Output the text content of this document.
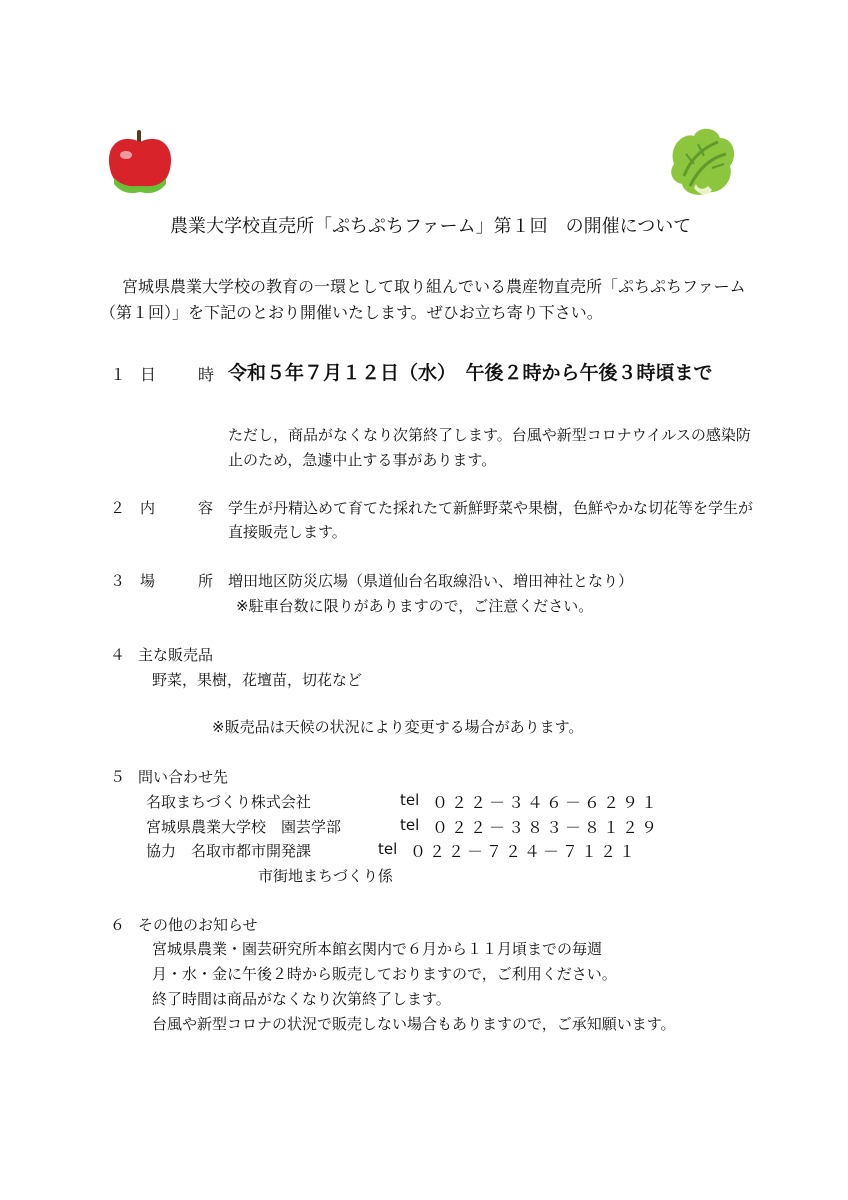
農業大学校直売所「ぷちぷちファーム」第１回　の開催について
宮城県農業大学校の教育の一環として取り組んでいる農産物直売所「ぷちぷちファーム
（第１回）」を下記のとおり開催いたします。ぜひお立ち寄り下さい。
１ 日	時 令和５年７月１２日（水）　午後２時から午後３時頃まで
ただし，商品がなくなり次第終了します。台風や新型コロナウイルスの感染防
止のため，急遽中止する事があります。
２ 内	容 学生が丹精込めて育てた採れたて新鮮野菜や果樹，色鮮やかな切花等を学生が
直接販売します。
３ 場	所 増田地区防災広場（県道仙台名取線沿い、増田神社となり）
※駐車台数に限りがありますので，ご注意ください。
４ 主な販売品
野菜，果樹，花壇苗，切花など
※販売品は天候の状況により変更する場合があります。
５ 問い合わせ先
名取まちづくり株式会社	tel ０２２－３４６－６２９１
宮城県農業大学校　園芸学部	tel ０２２－３８３－８１２９
協力　名取市都市開発課	tel ０２２－７２４－７１２１
市街地まちづくり係
６ その他のお知らせ
宮城県農業・園芸研究所本館玄関内で６月から１１月頃までの毎週
月・水・金に午後２時から販売しておりますので，ご利用ください。
終了時間は商品がなくなり次第終了します。
台風や新型コロナの状況で販売しない場合もありますので，ご承知願います。
